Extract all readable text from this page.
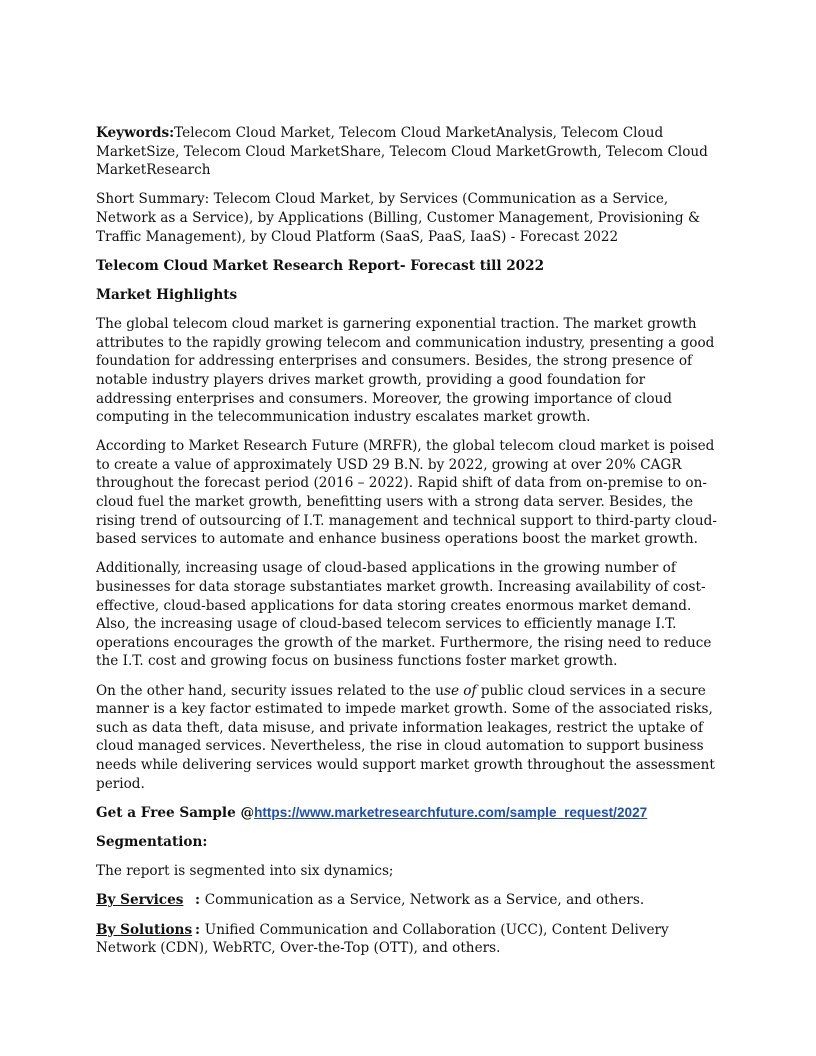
Keywords:Telecom Cloud Market, Telecom Cloud MarketAnalysis, Telecom Cloud MarketSize, Telecom Cloud MarketShare, Telecom Cloud MarketGrowth, Telecom Cloud MarketResearch

Short Summary: Telecom Cloud Market, by Services (Communication as a Service, Network as a Service), by Applications (Billing, Customer Management, Provisioning & Traffic Management), by Cloud Platform (SaaS, PaaS, IaaS) - Forecast 2022

Telecom Cloud Market Research Report- Forecast till 2022

Market Highlights

The global telecom cloud market is garnering exponential traction. The market growth attributes to the rapidly growing telecom and communication industry, presenting a good foundation for addressing enterprises and consumers. Besides, the strong presence of notable industry players drives market growth, providing a good foundation for addressing enterprises and consumers. Moreover, the growing importance of cloud computing in the telecommunication industry escalates market growth.

According to Market Research Future (MRFR), the global telecom cloud market is poised to create a value of approximately USD 29 B.N. by 2022, growing at over 20% CAGR throughout the forecast period (2016 – 2022). Rapid shift of data from on-premise to on-cloud fuel the market growth, benefitting users with a strong data server. Besides, the rising trend of outsourcing of I.T. management and technical support to third-party cloud-based services to automate and enhance business operations boost the market growth.

Additionally, increasing usage of cloud-based applications in the growing number of businesses for data storage substantiates market growth. Increasing availability of cost-effective, cloud-based applications for data storing creates enormous market demand. Also, the increasing usage of cloud-based telecom services to efficiently manage I.T. operations encourages the growth of the market. Furthermore, the rising need to reduce the I.T. cost and growing focus on business functions foster market growth.

On the other hand, security issues related to the use of public cloud services in a secure manner is a key factor estimated to impede market growth. Some of the associated risks, such as data theft, data misuse, and private information leakages, restrict the uptake of cloud managed services. Nevertheless, the rise in cloud automation to support business needs while delivering services would support market growth throughout the assessment period.

Get a Free Sample @https://www.marketresearchfuture.com/sample_request/2027

Segmentation:

The report is segmented into six dynamics;

By Services : Communication as a Service, Network as a Service, and others.

By Solutions : Unified Communication and Collaboration (UCC), Content Delivery Network (CDN), WebRTC, Over-the-Top (OTT), and others.
